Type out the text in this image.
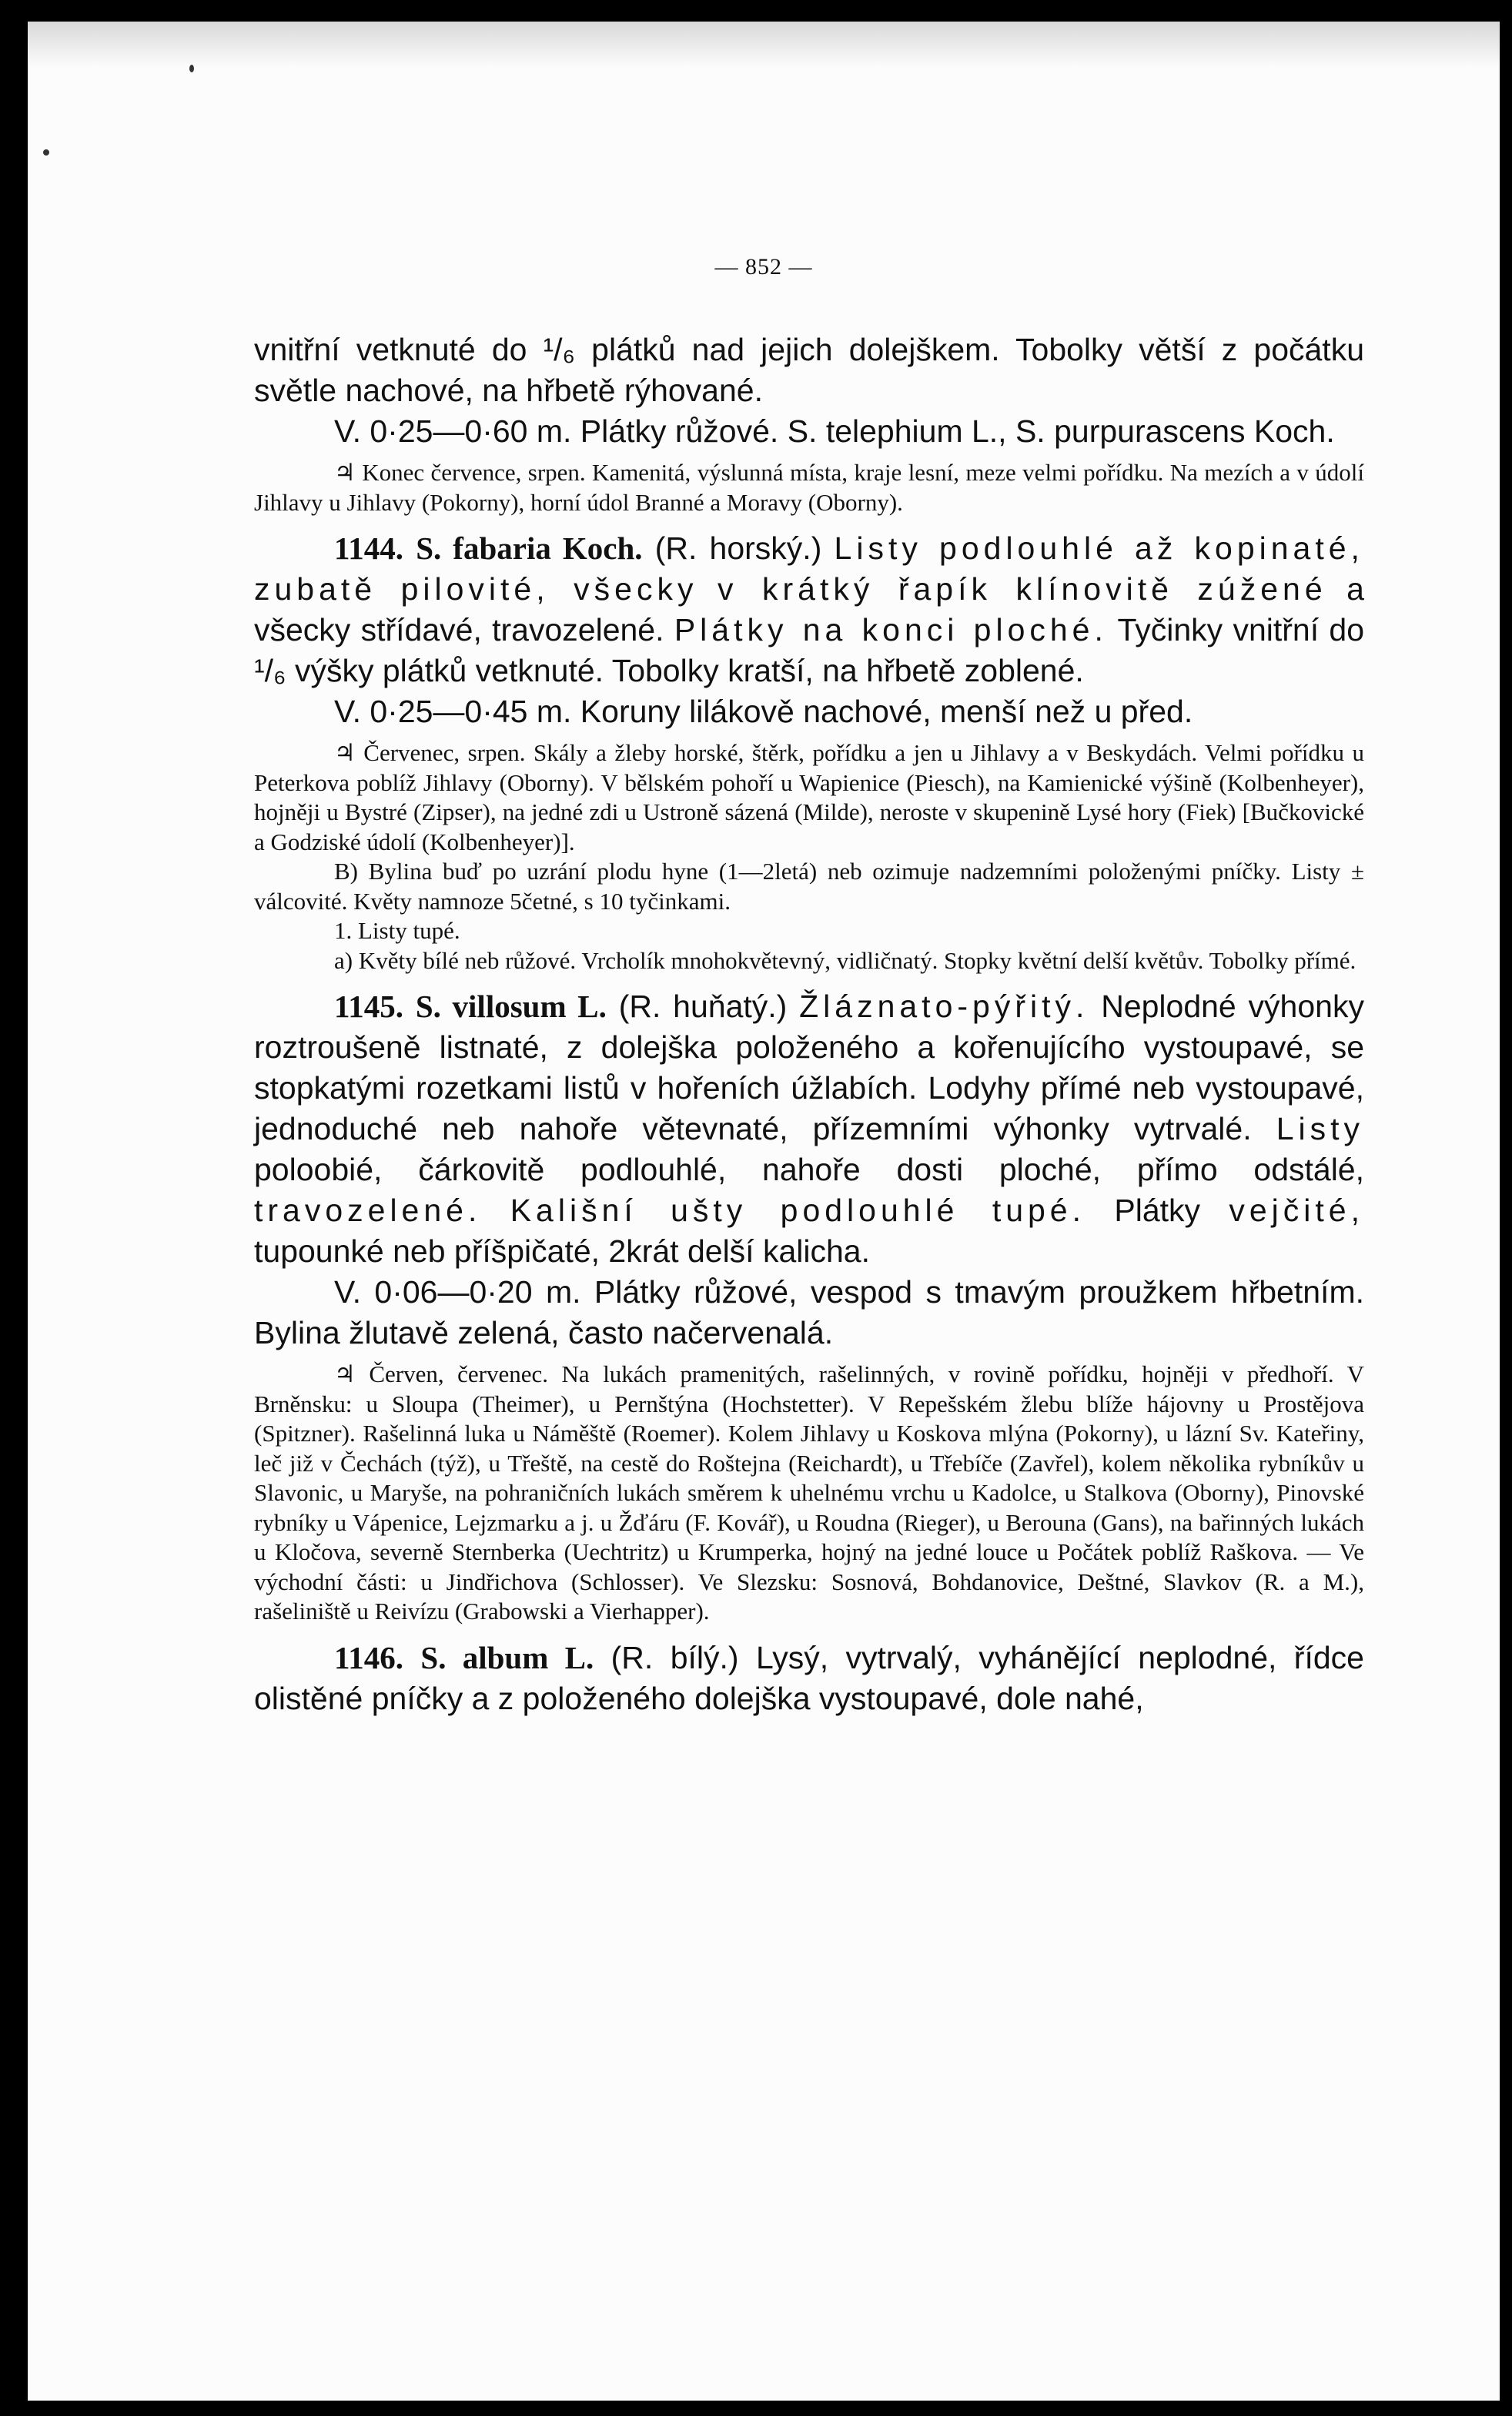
— 852 —

vnitřní vetknuté do ¹/₆ plátků nad jejich dolejškem. Tobolky větší z počátku světle nachové, na hřbetě rýhované.

V. 0·25—0·60 m. Plátky růžové. S. telephium L., S. purpurascens Koch.

♃ Konec července, srpen. Kamenitá, výslunná místa, kraje lesní, meze velmi pořídku. Na mezích a v údolí Jihlavy u Jihlavy (Pokorny), horní údol Branné a Moravy (Oborny).

1144. S. fabaria Koch. (R. horský.) Listy podlouhlé až kopinaté, zubatě pilovité, všecky v krátký řapík klínovitě zúžené a všecky střídavé, travozelené. Plátky na konci ploché. Tyčinky vnitřní do ¹/₆ výšky plátků vetknuté. Tobolky kratší, na hřbetě zoblené.

V. 0·25—0·45 m. Koruny lilákově nachové, menší než u před.

♃ Červenec, srpen. Skály a žleby horské, štěrk, pořídku a jen u Jihlavy a v Beskydách. Velmi pořídku u Peterkova poblíž Jihlavy (Oborny). V bělském pohoří u Wapienice (Piesch), na Kamienické výšině (Kolbenheyer), hojněji u Bystré (Zipser), na jedné zdi u Ustroně sázená (Milde), neroste v skupenině Lysé hory (Fiek) [Bučkovické a Godziské údolí (Kolbenheyer)].

B) Bylina buď po uzrání plodu hyne (1—2letá) neb ozimuje nadzemními položenými pníčky. Listy ± válcovité. Květy namnoze 5četné, s 10 tyčinkami.

1. Listy tupé.

a) Květy bílé neb růžové. Vrcholík mnohokvětevný, vidličnatý. Stopky květní delší květův. Tobolky přímé.

1145. S. villosum L. (R. huňatý.) Žláznato-pýřitý. Neplodné výhonky roztroušeně listnaté, z dolejška položeného a kořenujícího vystoupavé, se stopkatými rozetkami listů v hořeních úžlabích. Lodyhy přímé neb vystoupavé, jednoduché neb nahoře větevnaté, přízemními výhonky vytrvalé. Listy poloobié, čárkovitě podlouhlé, nahoře dosti ploché, přímo odstálé, travozelené. Kališní ušty podlouhlé tupé. Plátky vejčité, tupounké neb příšpičaté, 2krát delší kalicha.

V. 0·06—0·20 m. Plátky růžové, vespod s tmavým proužkem hřbetním. Bylina žlutavě zelená, často načervenalá.

♃ Červen, červenec. Na lukách pramenitých, rašelinných, v rovině pořídku, hojněji v předhoří. V Brněnsku: u Sloupa (Theimer), u Pernštýna (Hochstetter). V Repešském žlebu blíže hájovny u Prostějova (Spitzner). Rašelinná luka u Náměště (Roemer). Kolem Jihlavy u Koskova mlýna (Pokorny), u lázní Sv. Kateřiny, leč již v Čechách (týž), u Třeště, na cestě do Roštejna (Reichardt), u Třebíče (Zavřel), kolem několika rybníkův u Slavonic, u Maryše, na pohraničních lukách směrem k uhelnému vrchu u Kadolce, u Stalkova (Oborny), Pinovské rybníky u Vápenice, Lejzmarku a j. u Žďáru (F. Kovář), u Roudna (Rieger), u Berouna (Gans), na bařinných lukách u Kločova, severně Sternberka (Uechtritz) u Krumperka, hojný na jedné louce u Počátek poblíž Raškova. — Ve východní části: u Jindřichova (Schlosser). Ve Slezsku: Sosnová, Bohdanovice, Deštné, Slavkov (R. a M.), rašeliniště u Reivízu (Grabowski a Vierhapper).

1146. S. album L. (R. bílý.) Lysý, vytrvalý, vyhánějící neplodné, řídce olistěné pníčky a z položeného dolejška vystoupavé, dole nahé,
